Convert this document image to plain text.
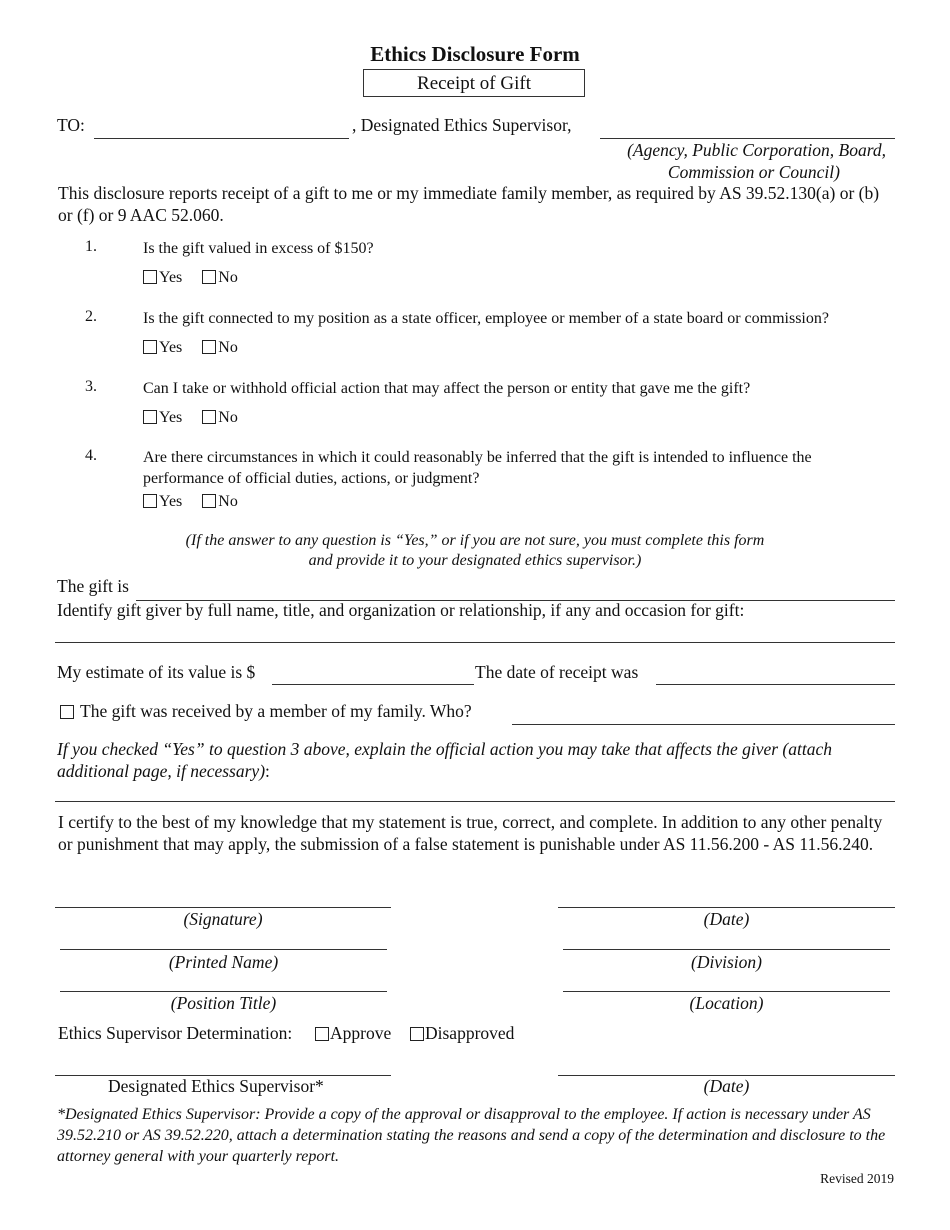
Ethics Disclosure Form
Receipt of Gift
TO:	, Designated Ethics Supervisor,
(Agency, Public Corporation, Board,
Commission or Council)
This disclosure reports receipt of a gift to me or my immediate family member, as required by AS 39.52.130(a) or (b) or (f) or 9 AAC 52.060.
1.	Is the gift valued in excess of $150?
Yes No
2.	Is the gift connected to my position as a state officer, employee or member of a state board or commission?
Yes No
3.	Can I take or withhold official action that may affect the person or entity that gave me the gift?
Yes No
4.	Are there circumstances in which it could reasonably be inferred that the gift is intended to influence the performance of official duties, actions, or judgment?
Yes No
(If the answer to any question is “Yes,” or if you are not sure, you must complete this form
and provide it to your designated ethics supervisor.)
The gift is
Identify gift giver by full name, title, and organization or relationship, if any and occasion for gift:
My estimate of its value is $	The date of receipt was
The gift was received by a member of my family. Who?
If you checked “Yes” to question 3 above, explain the official action you may take that affects the giver (attach additional page, if necessary):
I certify to the best of my knowledge that my statement is true, correct, and complete. In addition to any other penalty or punishment that may apply, the submission of a false statement is punishable under AS 11.56.200 - AS 11.56.240.
(Signature)	(Date)
(Printed Name)	(Division)
(Position Title)	(Location)
Ethics Supervisor Determination: Approve Disapproved
Designated Ethics Supervisor*	(Date)
*Designated Ethics Supervisor: Provide a copy of the approval or disapproval to the employee. If action is necessary under AS 39.52.210 or AS 39.52.220, attach a determination stating the reasons and send a copy of the determination and disclosure to the attorney general with your quarterly report.
Revised 2019
